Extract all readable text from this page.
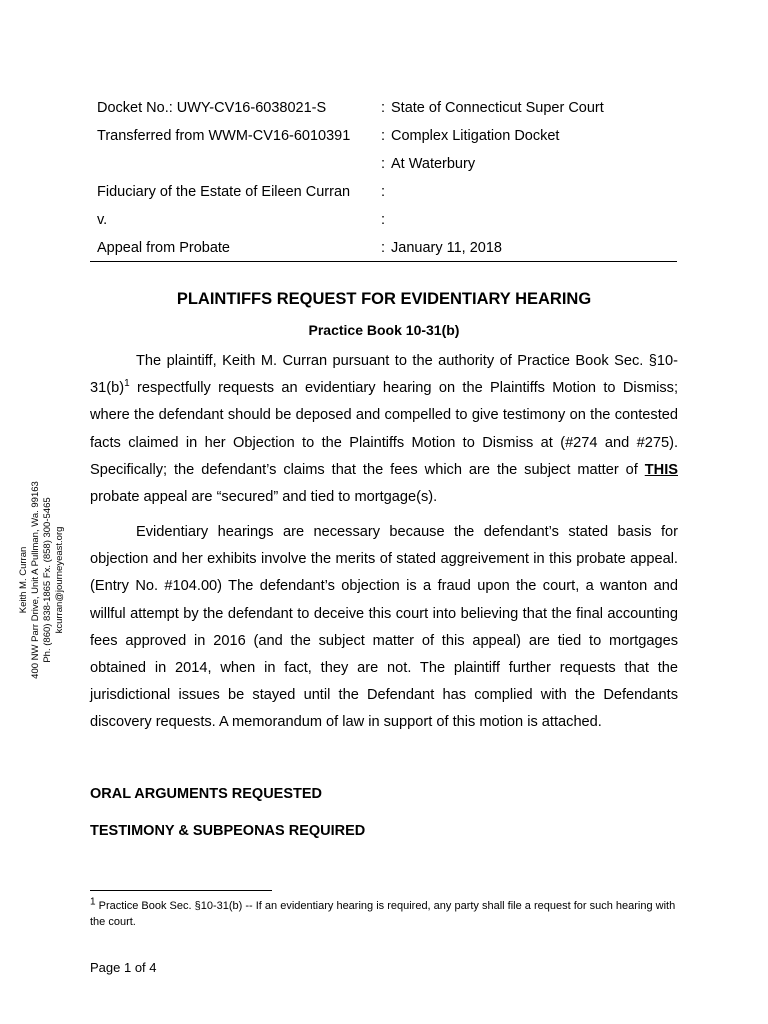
Docket No.: UWY-CV16-6038021-S	: State of Connecticut Super Court
Transferred from WWM-CV16-6010391 : Complex Litigation Docket
: At Waterbury
Fiduciary of the Estate of Eileen Curran :
v.	:
Appeal from Probate	: January 11, 2018
PLAINTIFFS REQUEST FOR EVIDENTIARY HEARING
Practice Book 10-31(b)
The plaintiff, Keith M. Curran pursuant to the authority of Practice Book Sec. $\S 10-31(b)^1$ respectfully requests an evidentiary hearing on the Plaintiffs Motion to Dismiss; where the defendant should be deposed and compelled to give testimony on the contested facts claimed in her Objection to the Plaintiffs Motion to Dismiss at (#274 and #275). Specifically; the defendant’s claims that the fees which are the subject matter of THIS probate appeal are “secured” and tied to mortgage(s).
Evidentiary hearings are necessary because the defendant’s stated basis for objection and her exhibits involve the merits of stated aggreivement in this probate appeal. (Entry No. #104.00) The defendant’s objection is a fraud upon the court, a wanton and willful attempt by the defendant to deceive this court into believing that the final accounting fees approved in 2016 (and the subject matter of this appeal) are tied to mortgages obtained in 2014, when in fact, they are not. The plaintiff further requests that the jurisdictional issues be stayed until the Defendant has complied with the Defendants discovery requests. A memorandum of law in support of this motion is attached.
ORAL ARGUMENTS REQUESTED
TESTIMONY & SUBPEONAS REQUIRED
$^1$ Practice Book Sec. §10-31(b) -- If an evidentiary hearing is required, any party shall file a request for such hearing with the court.
Page 1 of 4
Keith M. Curran 400 NW Parr Drive, Unit A Pullman, Wa. 99163 Ph. (860) 838-1865 Fx. (858) 300-5465 kcurran@journeyeast.org
